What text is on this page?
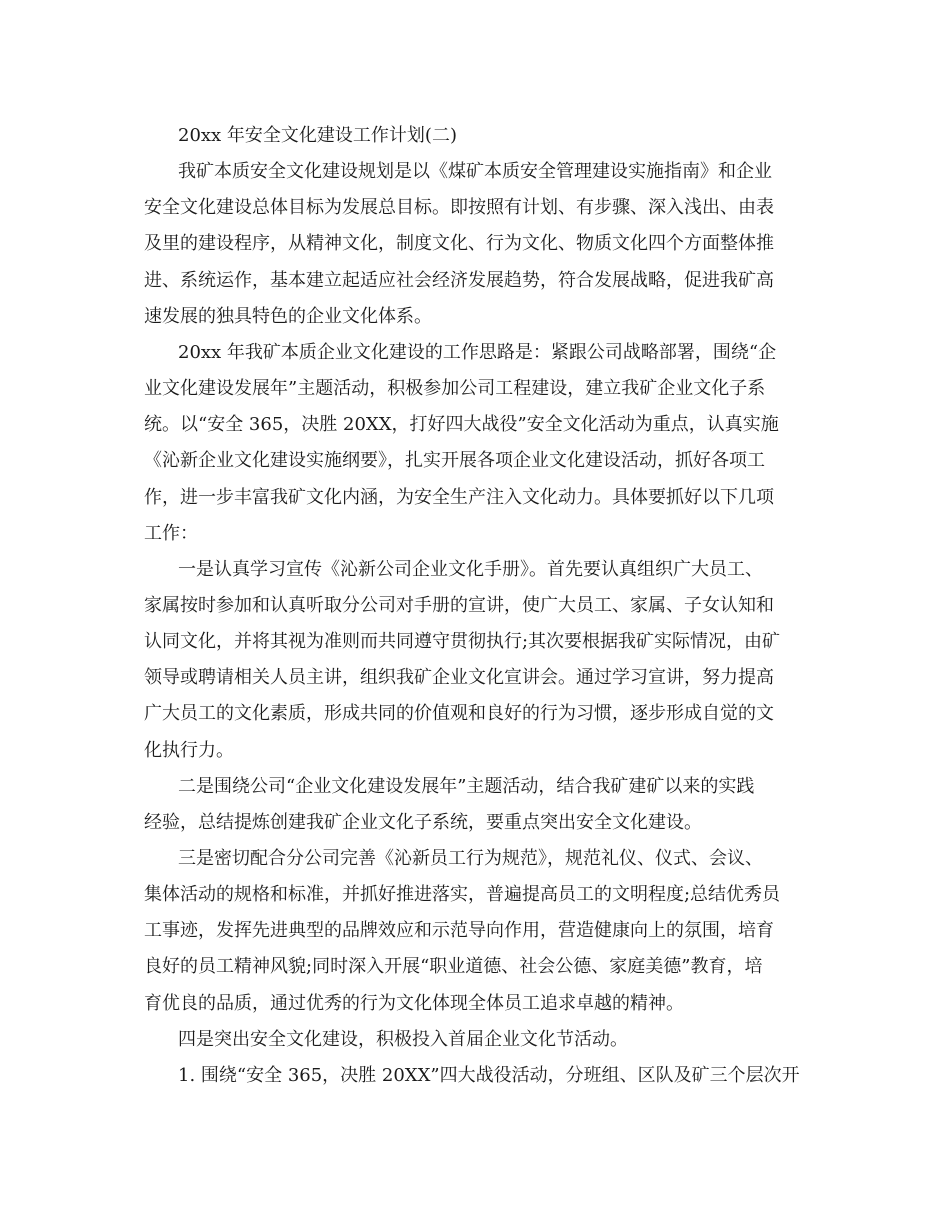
20xx 年安全文化建设工作计划(二)
我矿本质安全文化建设规划是以《煤矿本质安全管理建设实施指南》和企业
安全文化建设总体目标为发展总目标。即按照有计划、有步骤、深入浅出、由表
及里的建设程序，从精神文化，制度文化、行为文化、物质文化四个方面整体推
进、系统运作，基本建立起适应社会经济发展趋势，符合发展战略，促进我矿高
速发展的独具特色的企业文化体系。
20xx 年我矿本质企业文化建设的工作思路是：紧跟公司战略部署，围绕“企
业文化建设发展年”主题活动，积极参加公司工程建设，建立我矿企业文化子系
统。以“安全 365，决胜 20XX，打好四大战役”安全文化活动为重点，认真实施
《沁新企业文化建设实施纲要》，扎实开展各项企业文化建设活动，抓好各项工
作，进一步丰富我矿文化内涵，为安全生产注入文化动力。具体要抓好以下几项
工作：
一是认真学习宣传《沁新公司企业文化手册》。首先要认真组织广大员工、
家属按时参加和认真听取分公司对手册的宣讲，使广大员工、家属、子女认知和
认同文化，并将其视为准则而共同遵守贯彻执行;其次要根据我矿实际情况，由矿
领导或聘请相关人员主讲，组织我矿企业文化宣讲会。通过学习宣讲，努力提高
广大员工的文化素质，形成共同的价值观和良好的行为习惯，逐步形成自觉的文
化执行力。
二是围绕公司“企业文化建设发展年”主题活动，结合我矿建矿以来的实践
经验，总结提炼创建我矿企业文化子系统，要重点突出安全文化建设。
三是密切配合分公司完善《沁新员工行为规范》，规范礼仪、仪式、会议、
集体活动的规格和标准，并抓好推进落实，普遍提高员工的文明程度;总结优秀员
工事迹，发挥先进典型的品牌效应和示范导向作用，营造健康向上的氛围，培育
良好的员工精神风貌;同时深入开展“职业道德、社会公德、家庭美德”教育，培
育优良的品质，通过优秀的行为文化体现全体员工追求卓越的精神。
四是突出安全文化建设，积极投入首届企业文化节活动。
1. 围绕“安全 365，决胜 20XX”四大战役活动，分班组、区队及矿三个层次开
